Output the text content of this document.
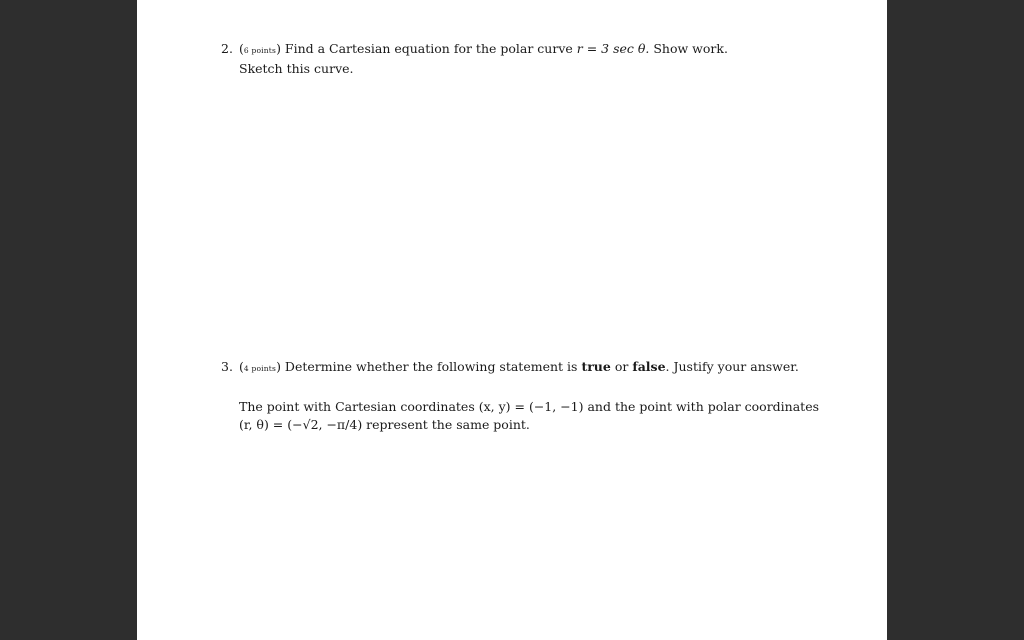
2. (6 points) Find a Cartesian equation for the polar curve r = 3 sec θ. Show work.
Sketch this curve.
3. (4 points) Determine whether the following statement is true or false. Justify your answer.
The point with Cartesian coordinates (x, y) = (−1, −1) and the point with polar coordinates
(r, θ) = (−√2, −π/4) represent the same point.
